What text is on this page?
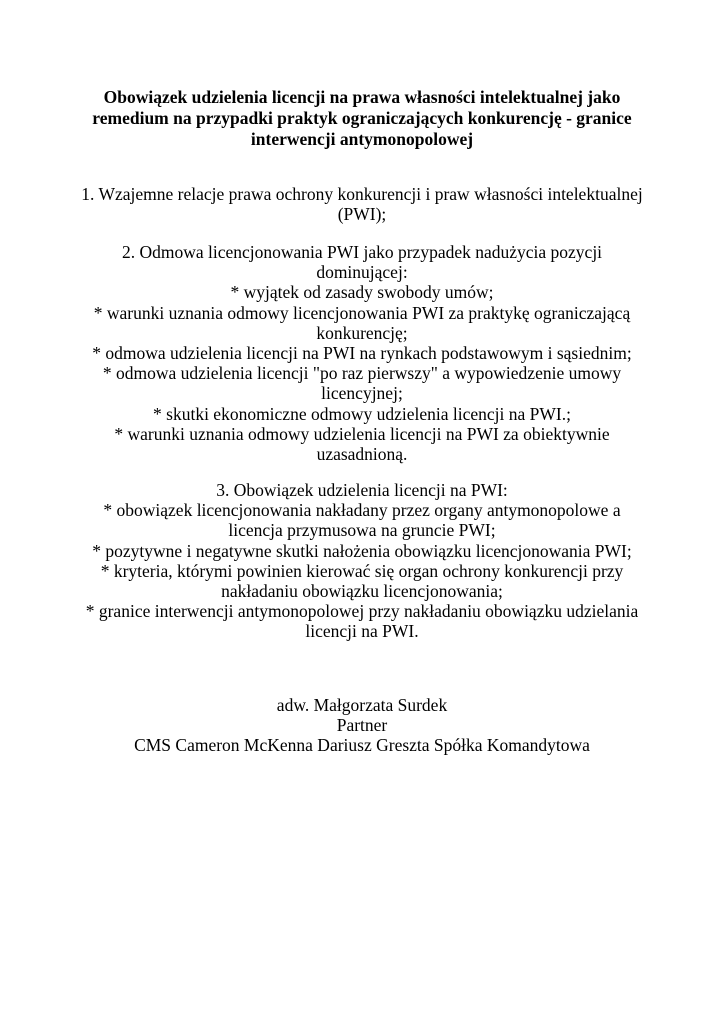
Obowiązek udzielenia licencji na prawa własności intelektualnej jako
remedium na przypadki praktyk ograniczających konkurencję - granice
interwencji antymonopolowej

1. Wzajemne relacje prawa ochrony konkurencji i praw własności intelektualnej
(PWI);

2. Odmowa licencjonowania PWI jako przypadek nadużycia pozycji
dominującej:
* wyjątek od zasady swobody umów;
* warunki uznania odmowy licencjonowania PWI za praktykę ograniczającą
konkurencję;
* odmowa udzielenia licencji na PWI na rynkach podstawowym i sąsiednim;
* odmowa udzielenia licencji "po raz pierwszy" a wypowiedzenie umowy
licencyjnej;
* skutki ekonomiczne odmowy udzielenia licencji na PWI.;
* warunki uznania odmowy udzielenia licencji na PWI za obiektywnie
uzasadnioną.

3. Obowiązek udzielenia licencji na PWI:
* obowiązek licencjonowania nakładany przez organy antymonopolowe a
licencja przymusowa na gruncie PWI;
* pozytywne i negatywne skutki nałożenia obowiązku licencjonowania PWI;
* kryteria, którymi powinien kierować się organ ochrony konkurencji przy
nakładaniu obowiązku licencjonowania;
* granice interwencji antymonopolowej przy nakładaniu obowiązku udzielania
licencji na PWI.

adw. Małgorzata Surdek
Partner
CMS Cameron McKenna Dariusz Greszta Spółka Komandytowa
